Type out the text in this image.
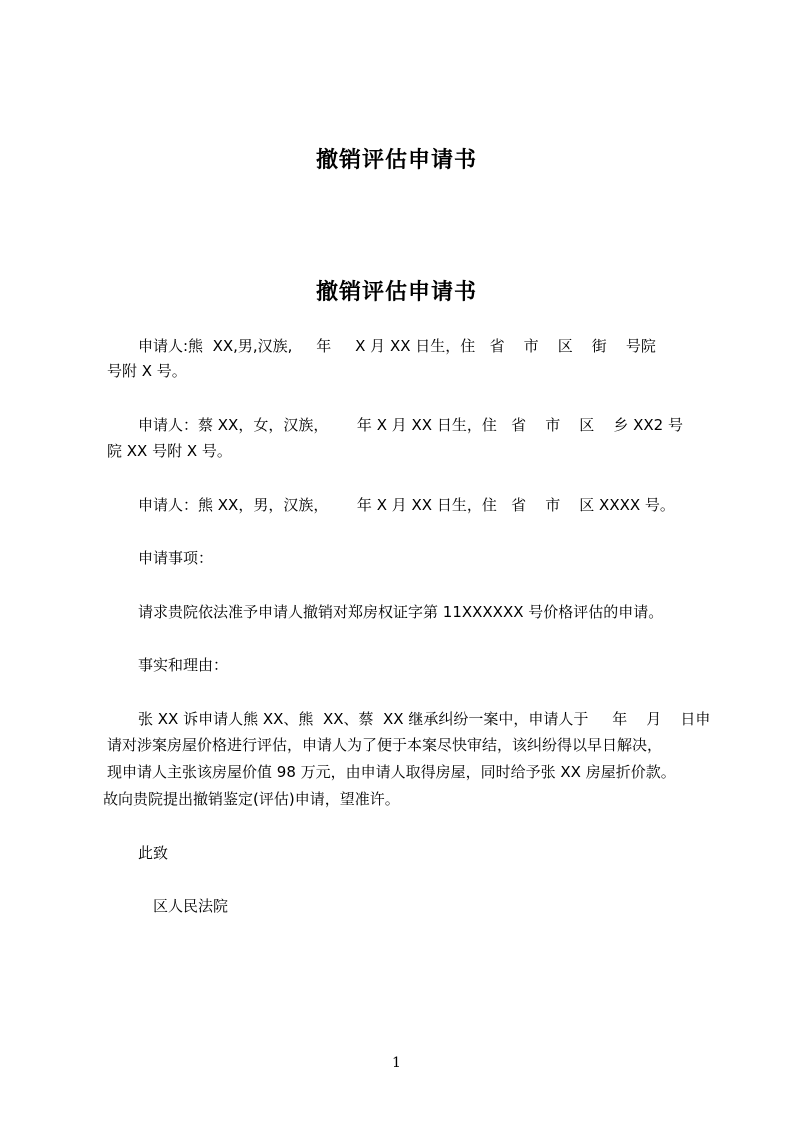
撤销评估申请书
撤销评估申请书
申请人:熊  XX,男,汉族,     年     X 月 XX 日生，住   省    市    区    街    号院
号附 X 号。
申请人：蔡 XX，女，汉族，      年 X 月 XX 日生，住   省    市    区    乡 XX2 号
院 XX 号附 X 号。
申请人：熊 XX，男，汉族，      年 X 月 XX 日生，住   省    市    区 XXXX 号。
申请事项：
请求贵院依法准予申请人撤销对郑房权证字第 11XXXXXX 号价格评估的申请。
事实和理由：
张 XX 诉申请人熊 XX、熊  XX、蔡  XX 继承纠纷一案中，申请人于     年    月    日申
请对涉案房屋价格进行评估，申请人为了便于本案尽快审结，该纠纷得以早日解决，
现申请人主张该房屋价值 98 万元，由申请人取得房屋，同时给予张 XX 房屋折价款。
故向贵院提出撤销鉴定(评估)申请，望准许。
此致
区人民法院
1
